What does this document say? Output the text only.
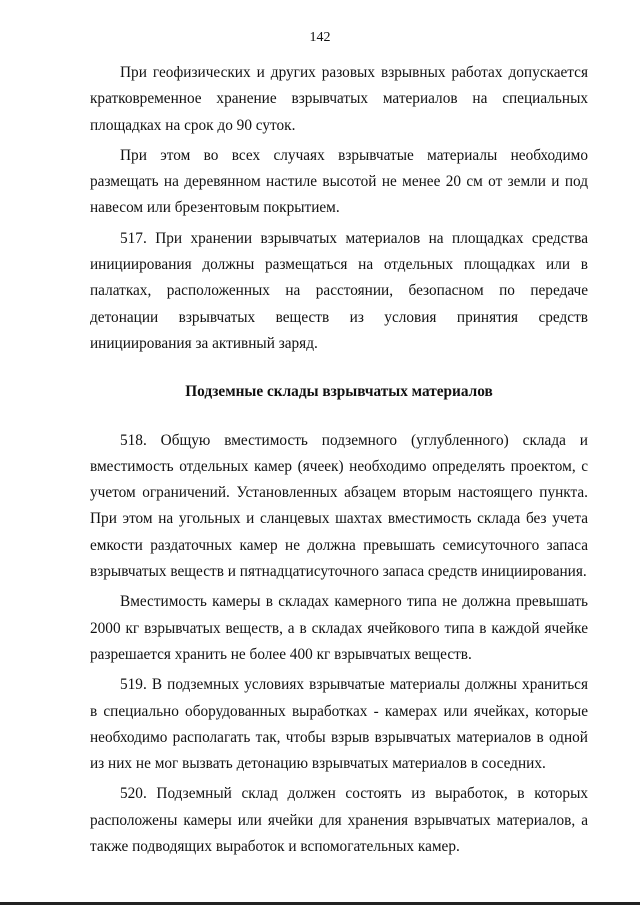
142

При геофизических и других разовых взрывных работах допускается кратковременное хранение взрывчатых материалов на специальных площадках на срок до 90 суток.

При этом во всех случаях взрывчатые материалы необходимо размещать на деревянном настиле высотой не менее 20 см от земли и под навесом или брезентовым покрытием.

517. При хранении взрывчатых материалов на площадках средства инициирования должны размещаться на отдельных площадках или в палатках, расположенных на расстоянии, безопасном по передаче детонации взрывчатых веществ из условия принятия средств инициирования за активный заряд.

Подземные склады взрывчатых материалов

518. Общую вместимость подземного (углубленного) склада и вместимость отдельных камер (ячеек) необходимо определять проектом, с учетом ограничений. Установленных абзацем вторым настоящего пункта. При этом на угольных и сланцевых шахтах вместимость склада без учета емкости раздаточных камер не должна превышать семисуточного запаса взрывчатых веществ и пятнадцатисуточного запаса средств инициирования.

Вместимость камеры в складах камерного типа не должна превышать 2000 кг взрывчатых веществ, а в складах ячейкового типа в каждой ячейке разрешается хранить не более 400 кг взрывчатых веществ.

519. В подземных условиях взрывчатые материалы должны храниться в специально оборудованных выработках - камерах или ячейках, которые необходимо располагать так, чтобы взрыв взрывчатых материалов в одной из них не мог вызвать детонацию взрывчатых материалов в соседних.

520. Подземный склад должен состоять из выработок, в которых расположены камеры или ячейки для хранения взрывчатых материалов, а также подводящих выработок и вспомогательных камер.
